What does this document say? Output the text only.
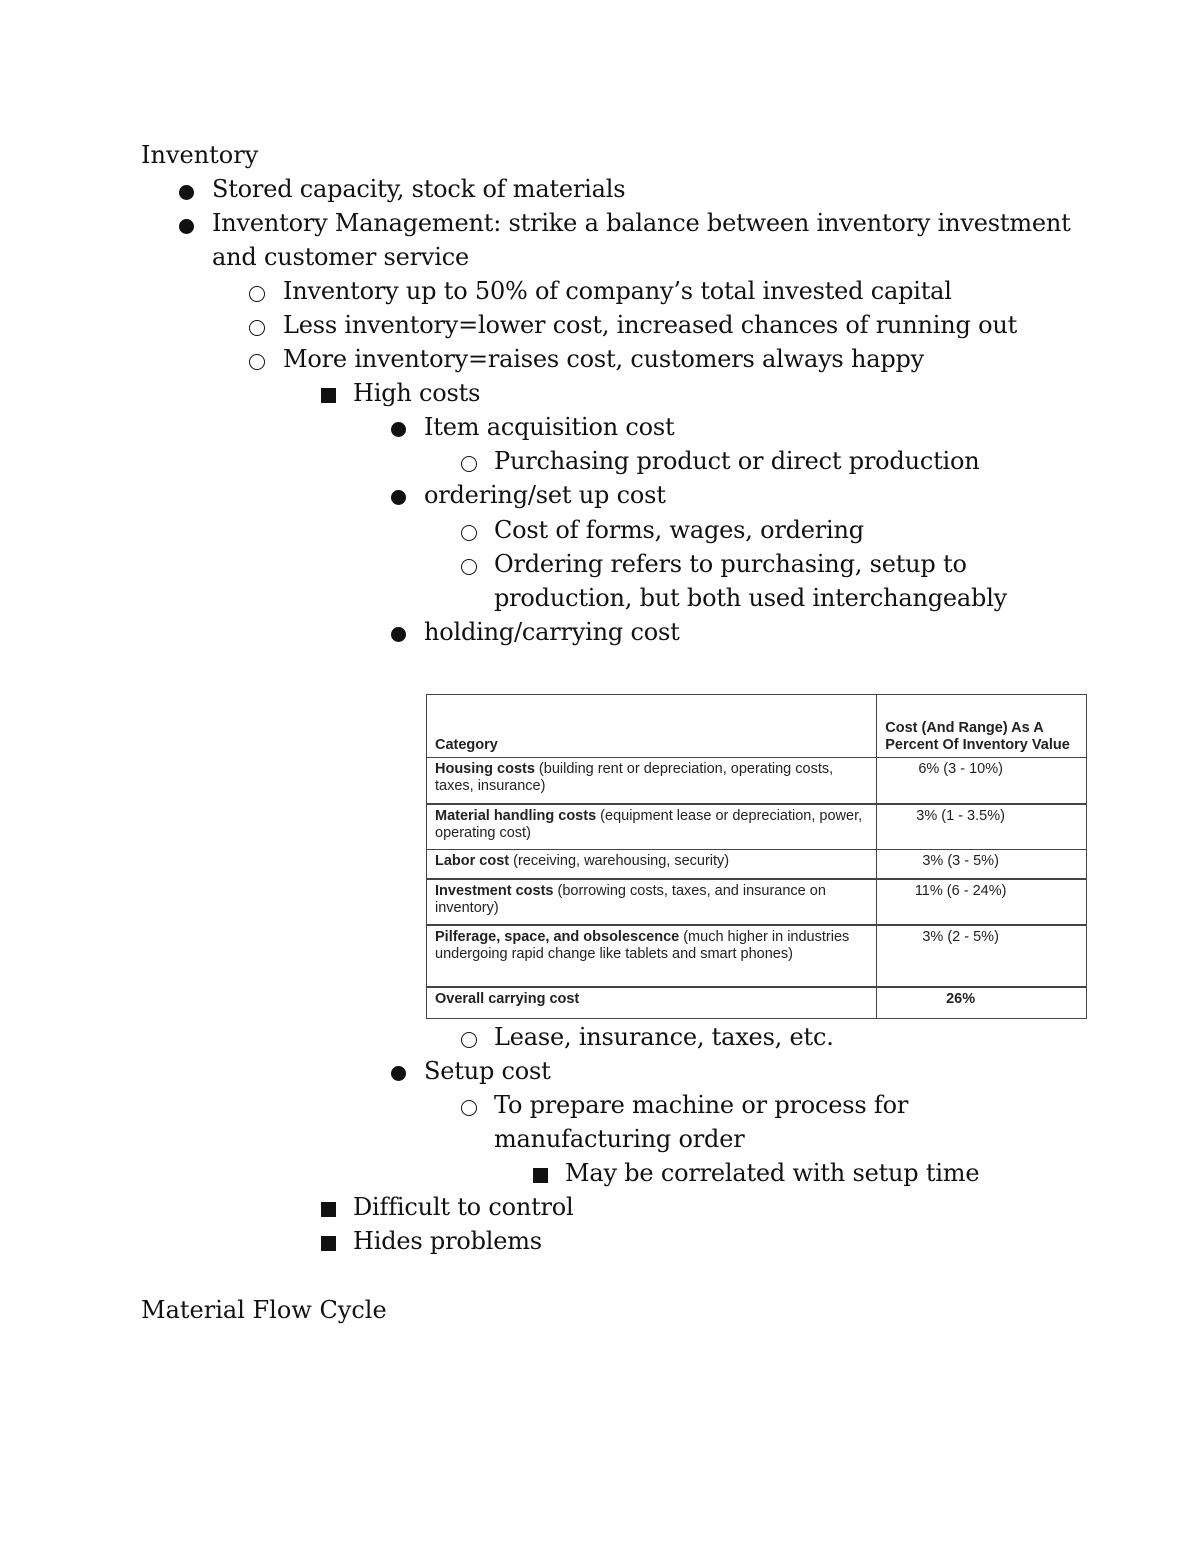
Inventory
Stored capacity, stock of materials
Inventory Management: strike a balance between inventory investment
and customer service
Inventory up to 50% of company’s total invested capital
Less inventory=lower cost, increased chances of running out
More inventory=raises cost, customers always happy
High costs
Item acquisition cost
Purchasing product or direct production
ordering/set up cost
Cost of forms, wages, ordering
Ordering refers to purchasing, setup to
production, but both used interchangeably
holding/carrying cost
Category	Cost (And Range) As A Percent Of Inventory Value
Housing costs (building rent or depreciation, operating costs, taxes, insurance)	6% (3 - 10%)
Material handling costs (equipment lease or depreciation, power, operating cost)	3% (1 - 3.5%)
Labor cost (receiving, warehousing, security)	3% (3 - 5%)
Investment costs (borrowing costs, taxes, and insurance on inventory)	11% (6 - 24%)
Pilferage, space, and obsolescence (much higher in industries undergoing rapid change like tablets and smart phones)	3% (2 - 5%)
Overall carrying cost	26%
Lease, insurance, taxes, etc.
Setup cost
To prepare machine or process for
manufacturing order
May be correlated with setup time
Difficult to control
Hides problems
Material Flow Cycle
